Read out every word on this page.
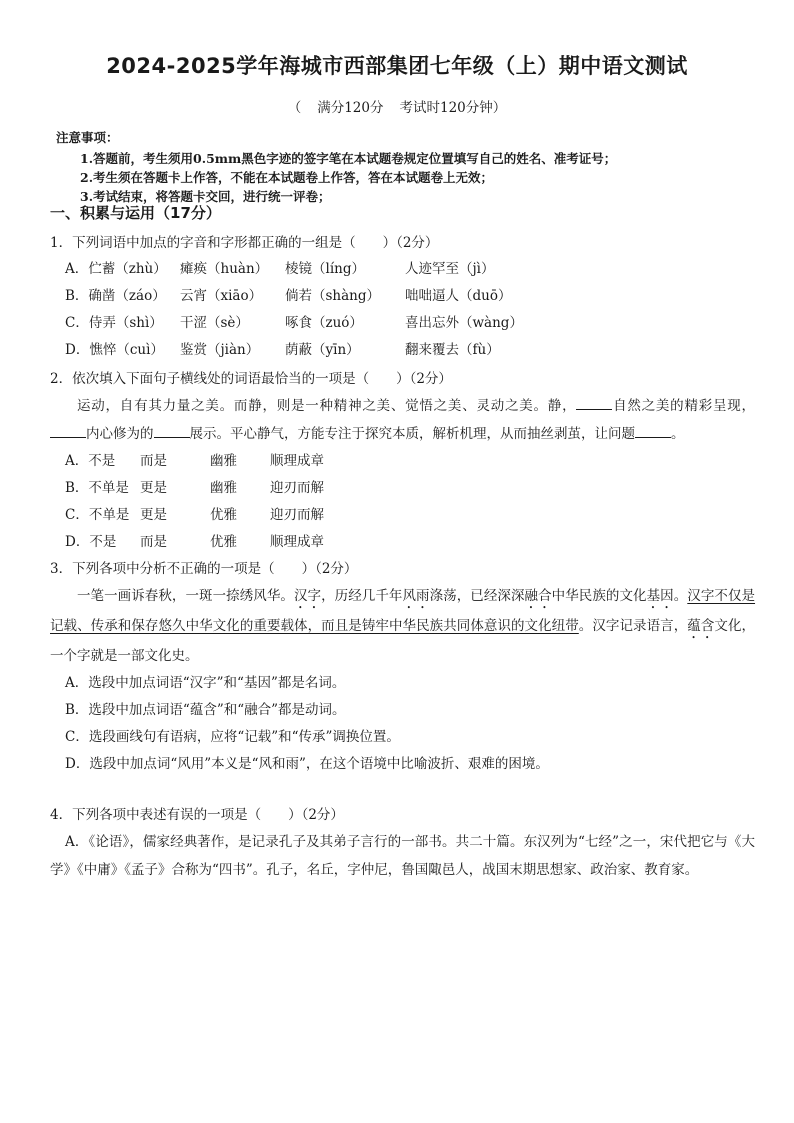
2024-2025学年海城市西部集团七年级（上）期中语文测试
（ 满分120分 考试时120分钟）
注意事项：
1.答题前，考生须用0.5mm黑色字迹的签字笔在本试题卷规定位置填写自己的姓名、准考证号；
2.考生须在答题卡上作答，不能在本试题卷上作答，答在本试题卷上无效；
3.考试结束，将答题卡交回，进行统一评卷；
一、积累与运用（17分）
1．下列词语中加点的字音和字形都正确的一组是（　　）（2分）
A．伫蓄（zhù） 瘫痪（huàn） 棱镜（líng）	人迹罕至（jì）
B．确凿（záo） 云宵（xiāo） 倘若（shàng） 咄咄逼人（duō）
C．侍弄（shì） 干涩（sè）	啄食（zuó）	喜出忘外（wàng）
D．憔悴（cuì） 鉴赏（jiàn） 荫蔽（yīn）	翻来覆去（fù）
2．依次填入下面句子横线处的词语最恰当的一项是（　　）（2分）
运动，自有其力量之美。而静，则是一种精神之美、觉悟之美、灵动之美。静，	自然之美的精彩呈现，内心修为的	展示。平心静气，方能专注于探究本质，解析机理，从而抽丝剥茧，让问题	。
A．不是 而是	幽雅 顺理成章
B．不单是 更是	幽雅 迎刃而解
C．不单是 更是	优雅 迎刃而解
D．不是 而是	优雅 顺理成章
3．下列各项中分析不正确的一项是（　　）（2分）
一笔一画诉春秋，一斑一捺绣风华。汉字，历经几千年风雨涤荡，已经深深融合中华民族的文化基因。汉字不仅是记载、传承和保存悠久中华文化的重要载体，而且是铸牢中华民族共同体意识的文化纽带。汉字记录语言，蕴含文化，一个字就是一部文化史。
A．选段中加点词语“汉字”和“基因”都是名词。
B．选段中加点词语“蕴含”和“融合”都是动词。
C．选段画线句有语病，应将“记载”和“传承”调换位置。
D．选段中加点词“风用”本义是“风和雨”，在这个语境中比喻波折、艰难的困境。
4．下列各项中表述有误的一项是（　　）（2分）
A．《论语》，儒家经典著作，是记录孔子及其弟子言行的一部书。共二十篇。东汉列为“七经”之一，宋代把它与《大学》《中庸》《孟子》合称为“四书”。孔子，名丘，字仲尼，鲁国陬邑人，战国末期思想家、政治家、教育家。
